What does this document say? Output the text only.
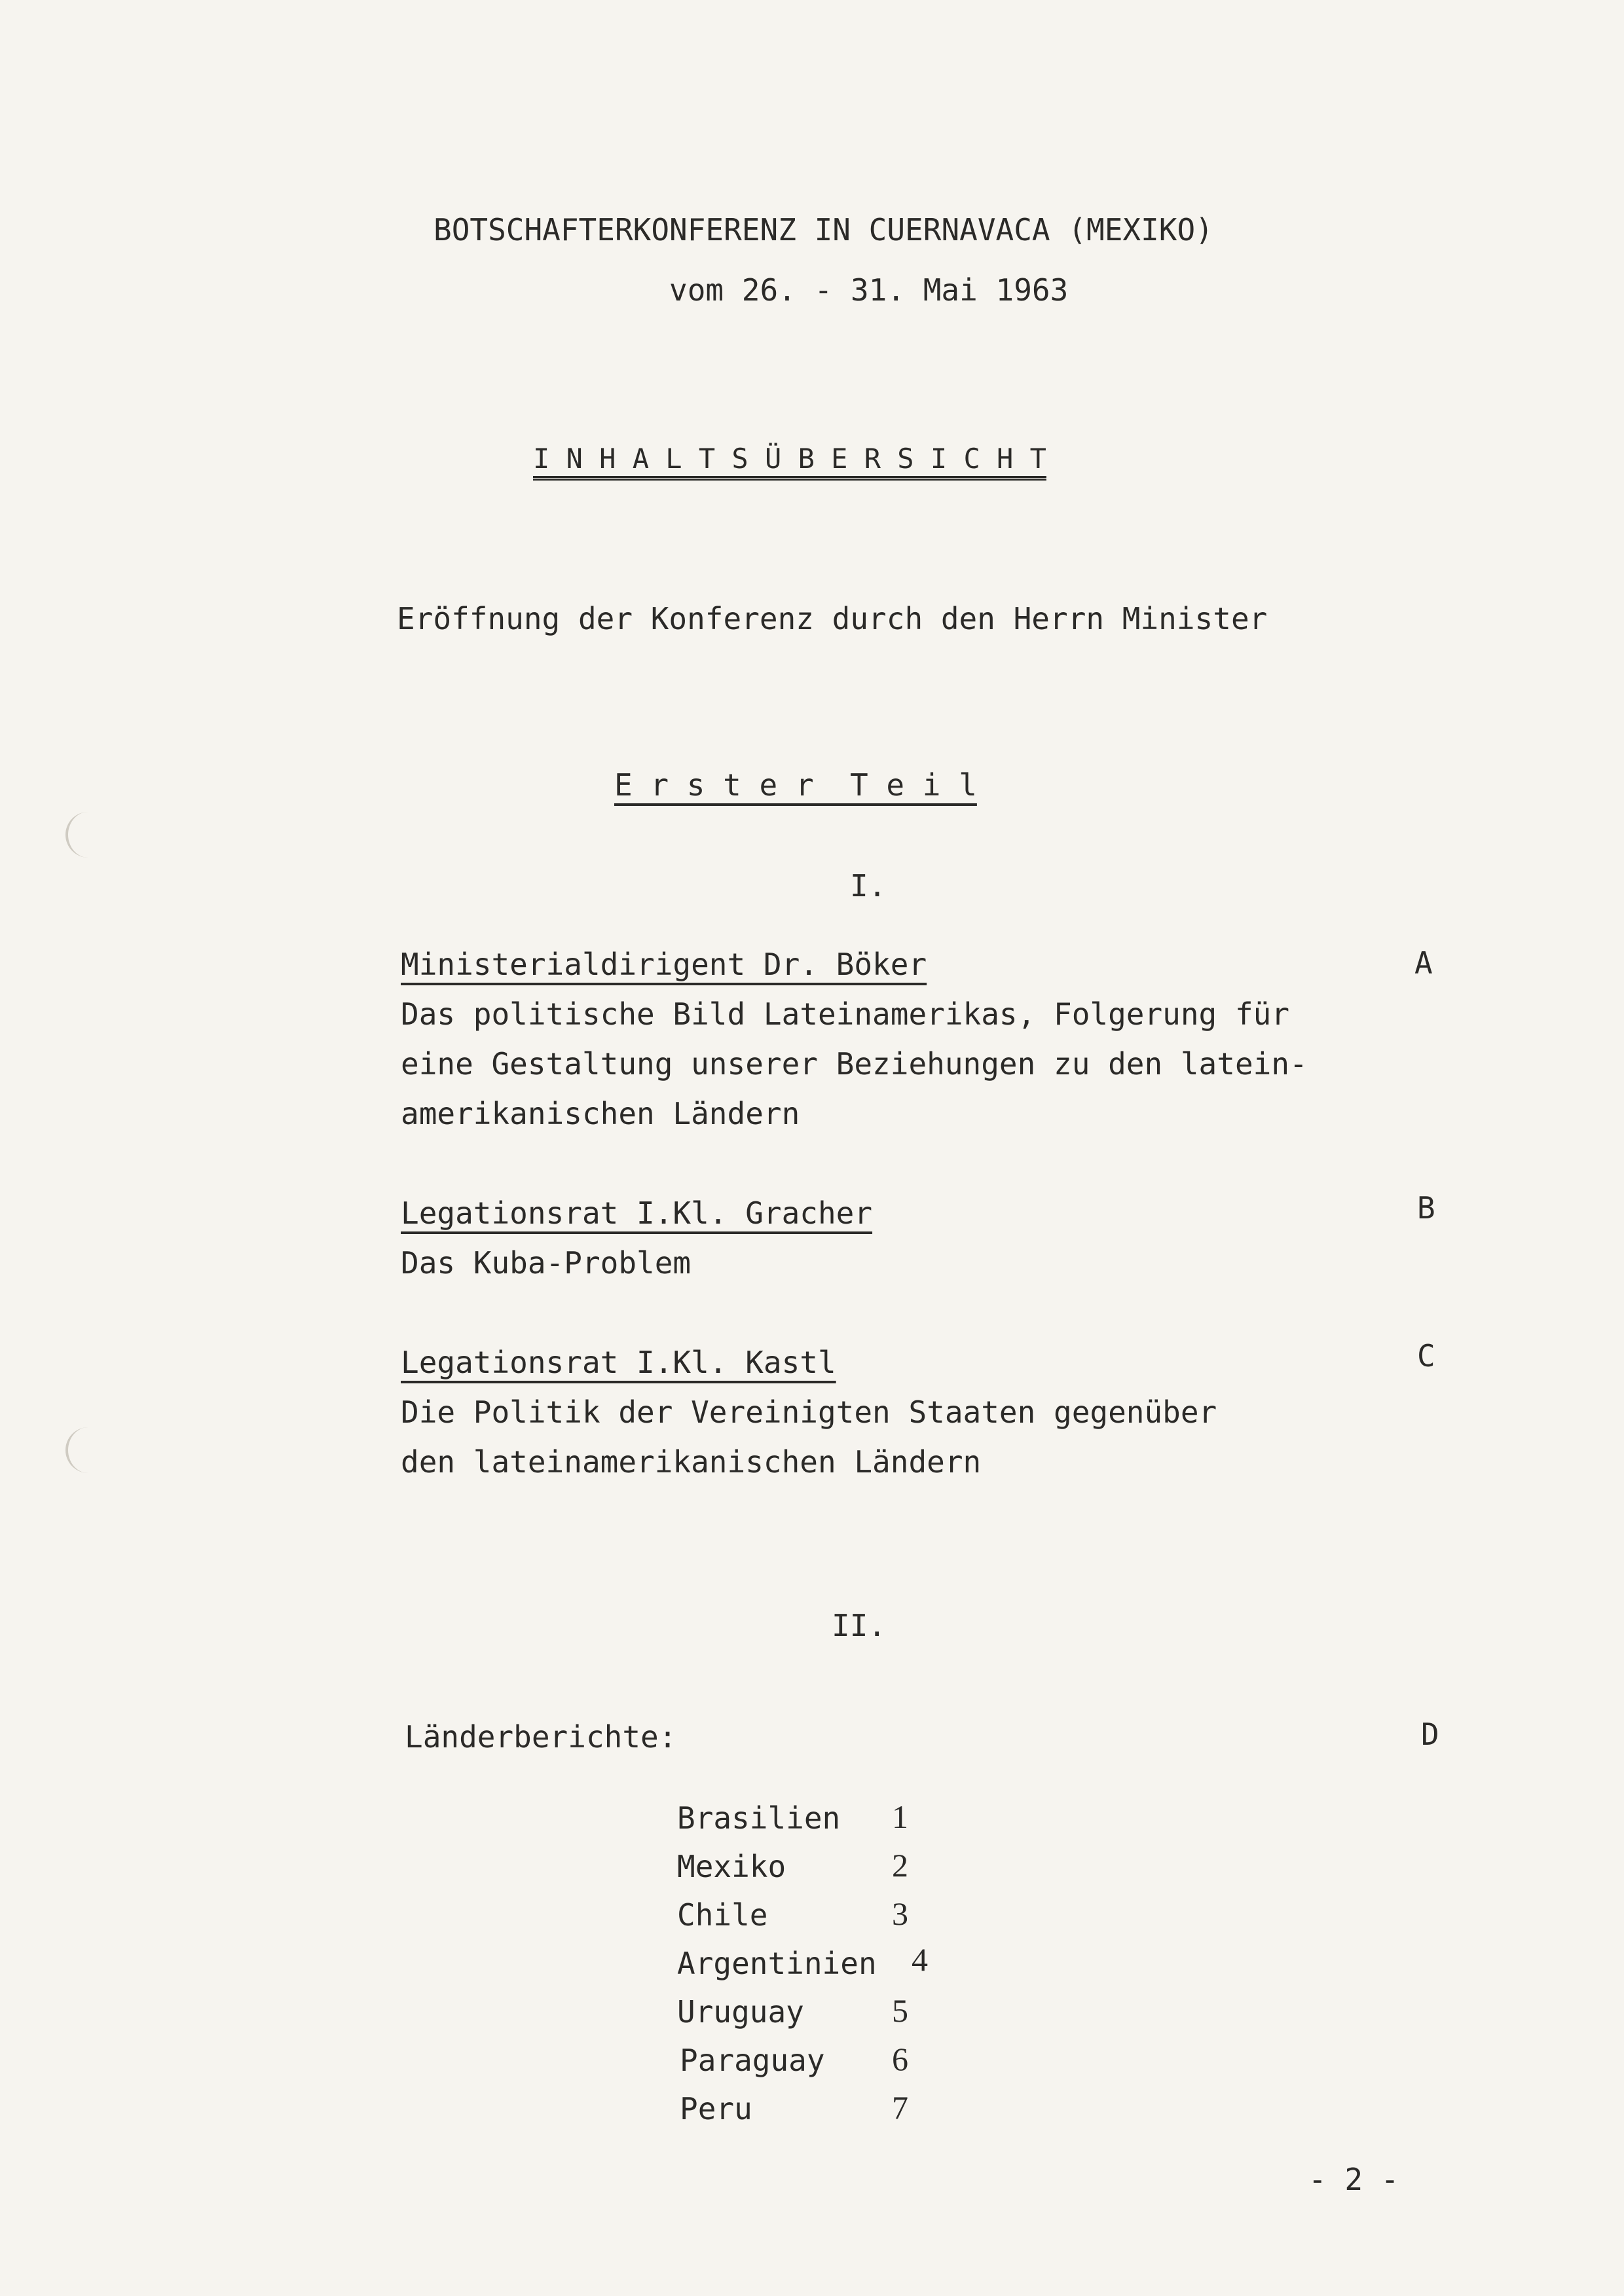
BOTSCHAFTERKONFERENZ IN CUERNAVACA (MEXIKO)
vom 26. - 31. Mai 1963
I N H A L T S Ü B E R S I C H T
Eröffnung der Konferenz durch den Herrn Minister
E r s t e r  T e i l
I.
Ministerialdirigent Dr. Böker	A
Das politische Bild Lateinamerikas, Folgerung für
eine Gestaltung unserer Beziehungen zu den latein-
amerikanischen Ländern
Legationsrat I.Kl. Gracher	B
Das Kuba-Problem
Legationsrat I.Kl. Kastl	C
Die Politik der Vereinigten Staaten gegenüber
den lateinamerikanischen Ländern
II.
Länderberichte:	D
Brasilien 1
Mexiko	2
Chile	3
Argentinien 4
Uruguay	5
Paraguay 6
Peru	7
- 2 -
